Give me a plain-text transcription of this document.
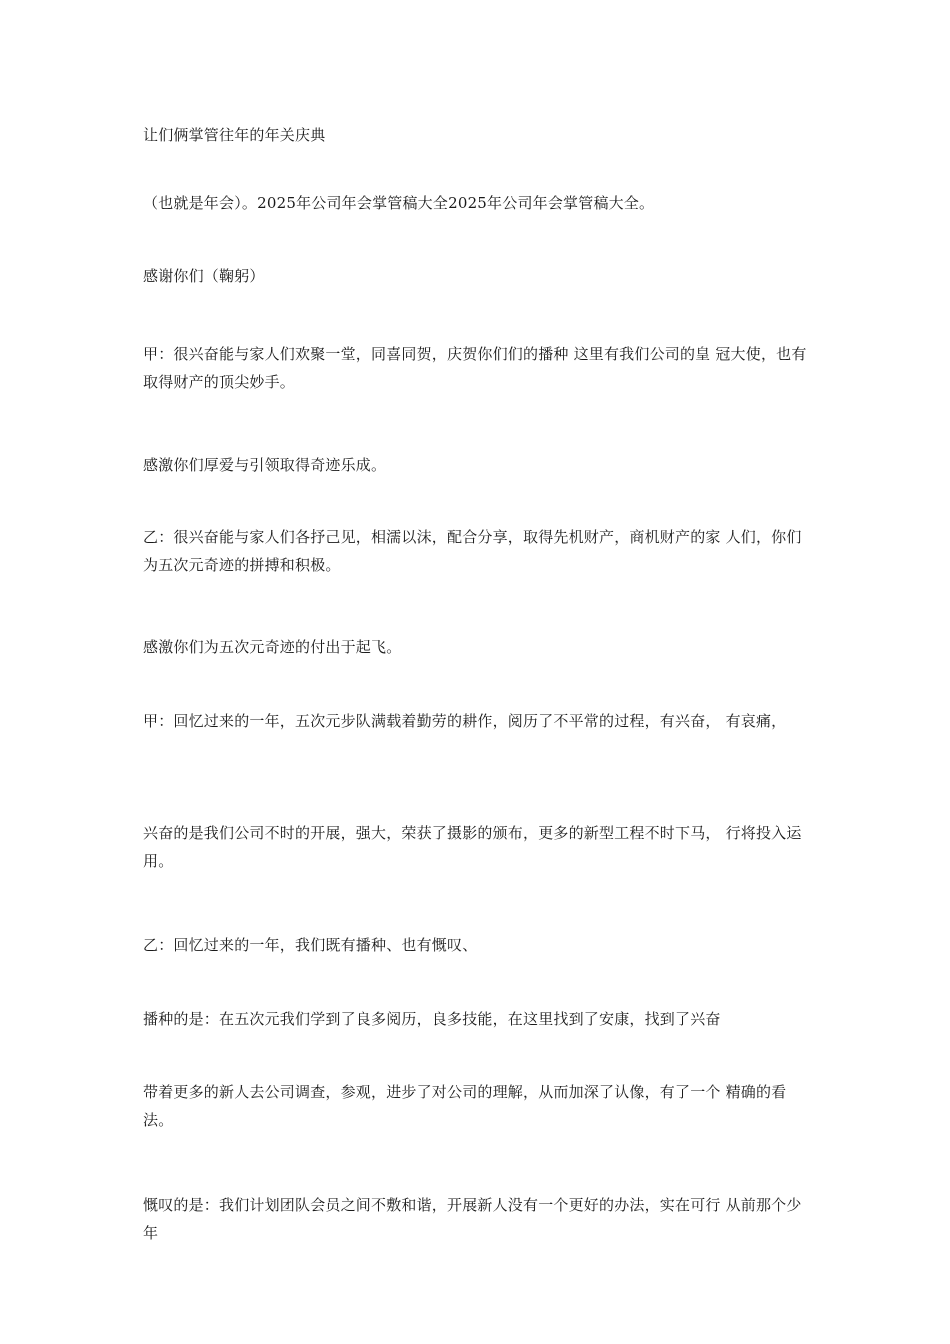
让们俩掌管往年的年关庆典

（也就是年会）。2025年公司年会掌管稿大全2025年公司年会掌管稿大全。

感谢你们（鞠躬）

甲：很兴奋能与家人们欢聚一堂，同喜同贺，庆贺你们们的播种 这里有我们公司的皇 冠大使，也有取得财产的顶尖妙手。

感激你们厚爱与引领取得奇迹乐成。

乙：很兴奋能与家人们各抒己见，相濡以沫，配合分享，取得先机财产，商机财产的家 人们，你们为五次元奇迹的拼搏和积极。

感激你们为五次元奇迹的付出于起飞。

甲：回忆过来的一年，五次元步队满载着勤劳的耕作，阅历了不平常的过程，有兴奋， 有哀痛，

兴奋的是我们公司不时的开展，强大，荣获了摄影的颁布，更多的新型工程不时下马， 行将投入运用。

乙：回忆过来的一年，我们既有播种、也有慨叹、

播种的是：在五次元我们学到了良多阅历，良多技能，在这里找到了安康，找到了兴奋

带着更多的新人去公司调查，参观，进步了对公司的理解，从而加深了认像，有了一个 精确的看法。

慨叹的是：我们计划团队会员之间不敷和谐，开展新人没有一个更好的办法，实在可行 从前那个少年
